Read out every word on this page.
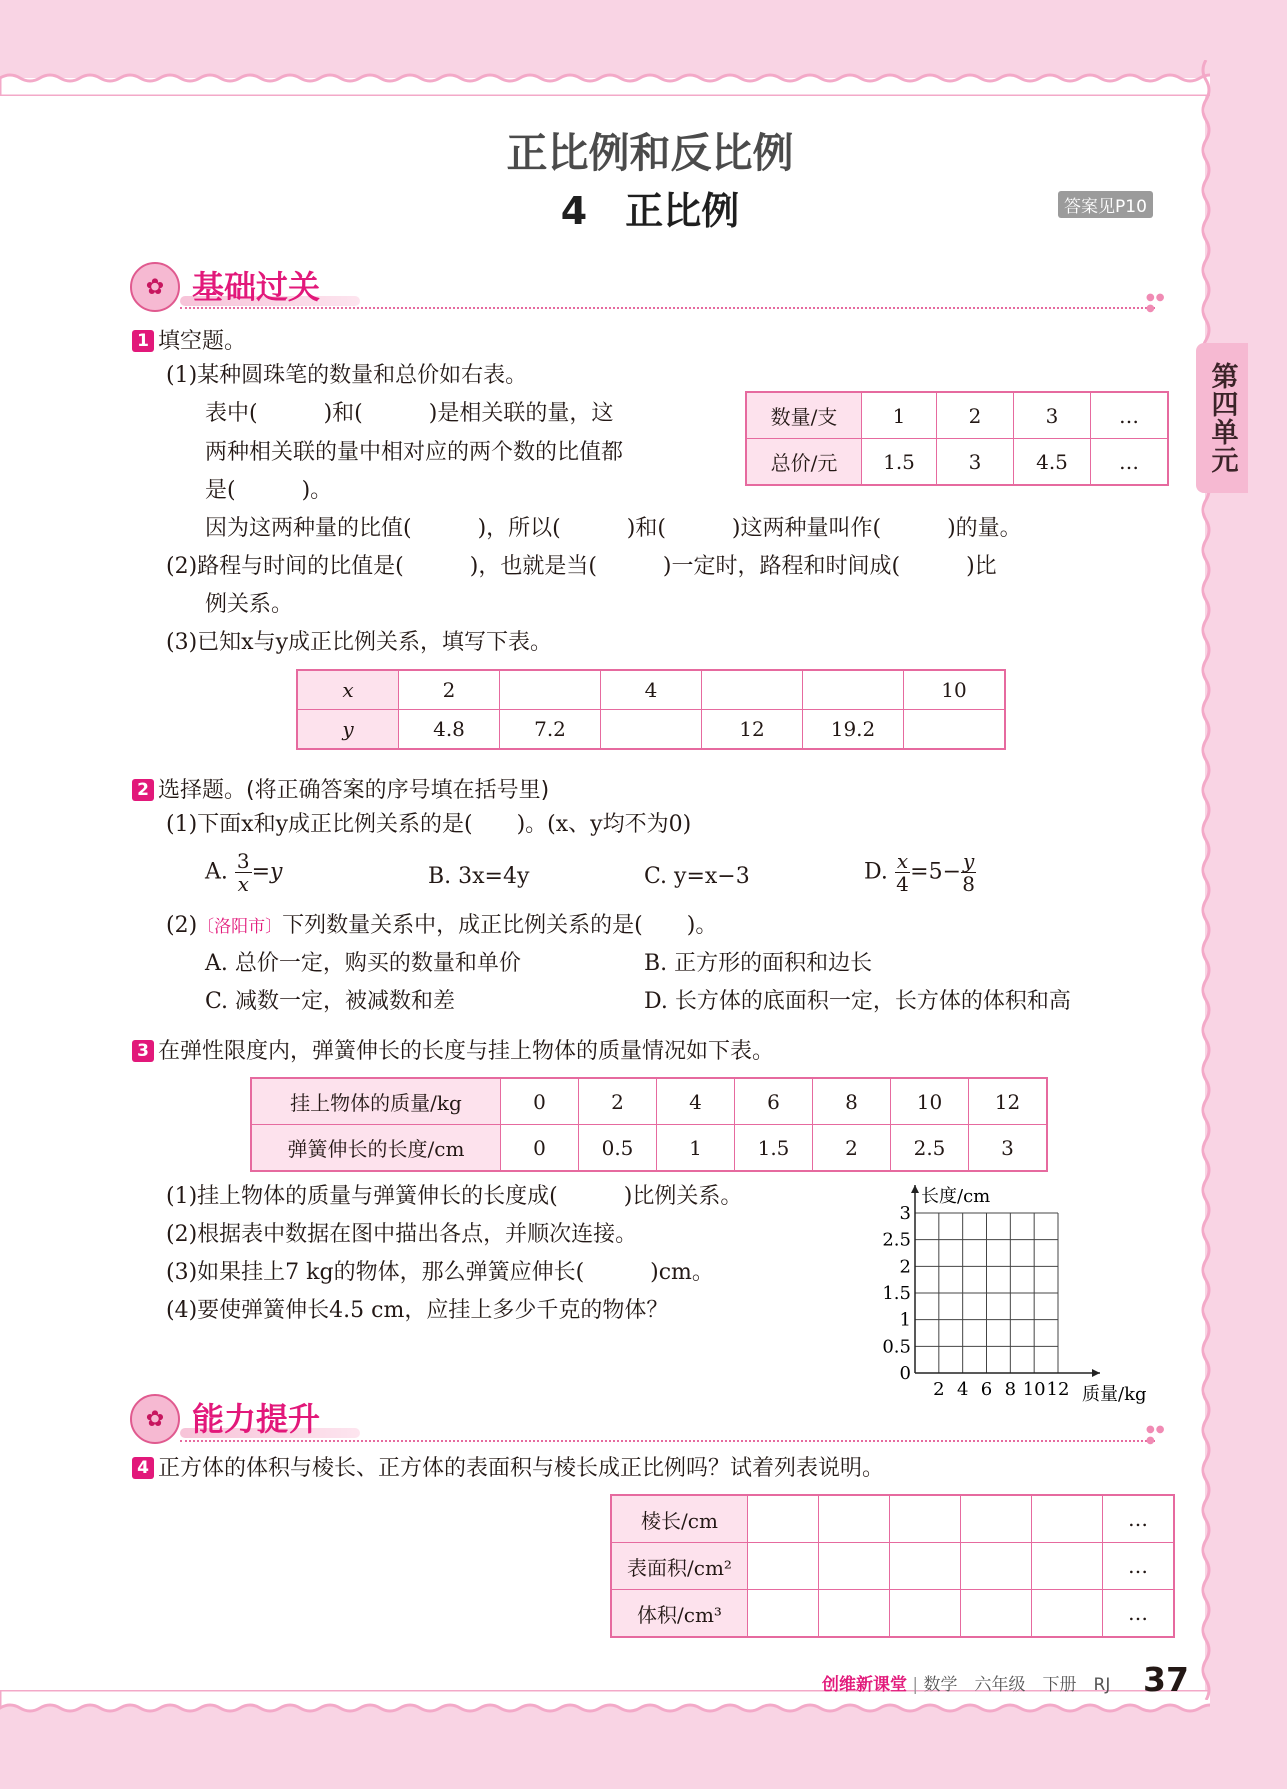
第四单元
正比例和反比例
4　正比例	答案见P10
✿ 基础过关	●●
●
1 填空题。
(1)某种圆珠笔的数量和总价如右表。
表中(　　　)和(　　　)是相关联的量，这
两种相关联的量中相对应的两个数的比值都
是(　　　)。
因为这两种量的比值(　　　)，所以(　　　)和(　　　)这两种量叫作(　　　)的量。
数量/支	1	2	3	…
总价/元	1.5	3	4.5	…
(2)路程与时间的比值是(　　　)，也就是当(　　　)一定时，路程和时间成(　　　)比
例关系。
(3)已知x与y成正比例关系，填写下表。
x	2		4			10
y	4.8	7.2		12	19.2	
2 选择题。(将正确答案的序号填在括号里)
(1)下面x和y成正比例关系的是(　　)。(x、y均不为0)
A. $\frac{3}{x} =y$	B. 3x=4y	C. y=x−3	D. $\frac{x}{4} =5- \frac{y}{8}$
(2)〔洛阳市〕下列数量关系中，成正比例关系的是(　　)。
A. 总价一定，购买的数量和单价	B. 正方形的面积和边长
C. 减数一定，被减数和差	D. 长方体的底面积一定，长方体的体积和高
3 在弹性限度内，弹簧伸长的长度与挂上物体的质量情况如下表。
挂上物体的质量/kg	0	2	4	6	8	10	12
弹簧伸长的长度/cm	0	0.5	1	1.5	2	2.5	3
(1)挂上物体的质量与弹簧伸长的长度成(　　　)比例关系。
(2)根据表中数据在图中描出各点，并顺次连接。
(3)如果挂上7 kg的物体，那么弹簧应伸长(　　　)cm。
(4)要使弹簧伸长4.5 cm，应挂上多少千克的物体？
2 4 6 8 10 12
0.5
1
1.5
2
2.5
3
0
长度/cm
质量/kg
✿ 能力提升	●●
●
4 正方体的体积与棱长、正方体的表面积与棱长成正比例吗？试着列表说明。
棱长/cm						…
表面积/cm²						…
体积/cm³						…
创维新课堂 | 数学　六年级　下册　RJ 37
